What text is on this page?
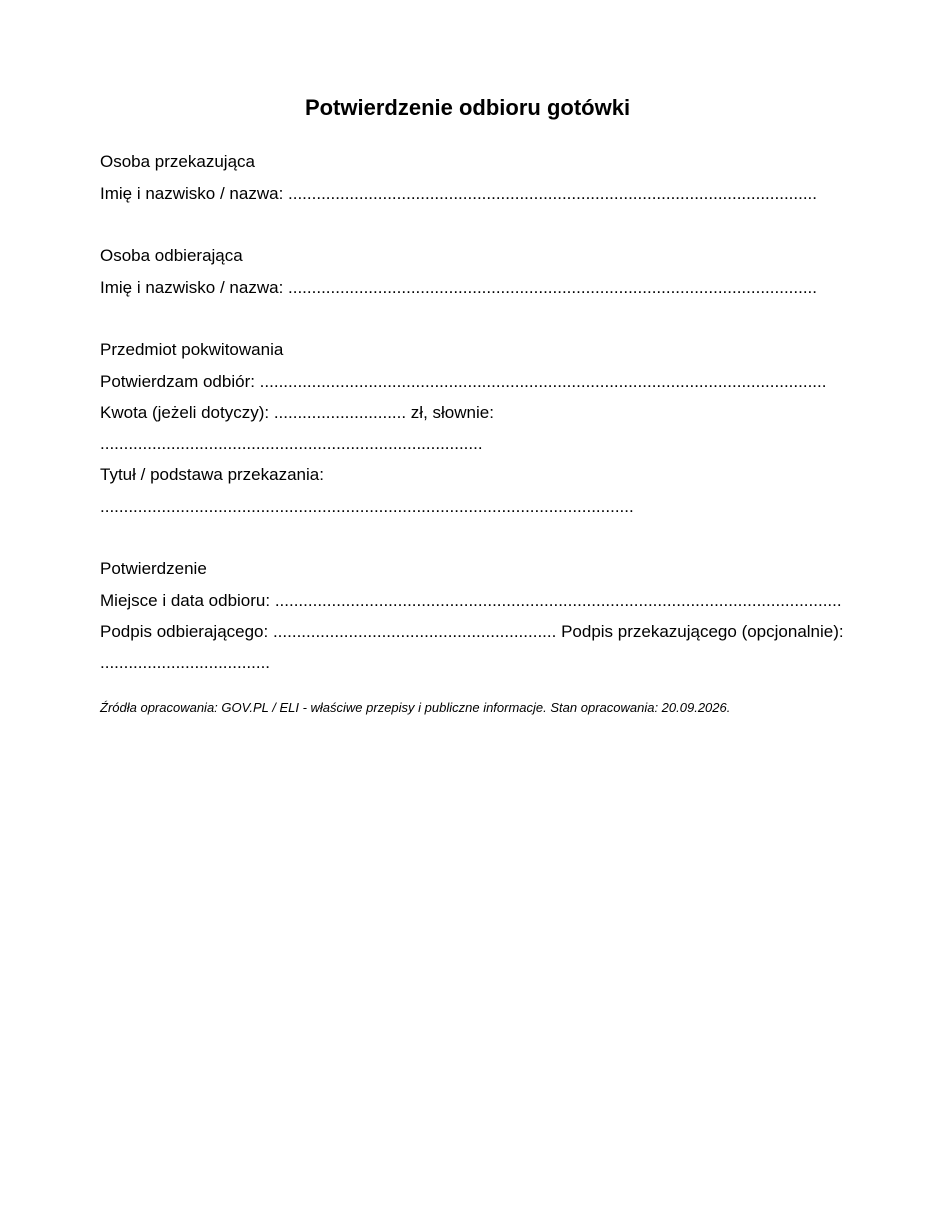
Potwierdzenie odbioru gotówki
Osoba przekazująca
Imię i nazwisko / nazwa: ................................................................................................................
Osoba odbierająca
Imię i nazwisko / nazwa: ................................................................................................................
Przedmiot pokwitowania
Potwierdzam odbiór: ........................................................................................................................
Kwota (jeżeli dotyczy): ............................ zł, słownie:
.................................................................................
Tytuł / podstawa przekazania:
.................................................................................................................
Potwierdzenie
Miejsce i data odbioru: ........................................................................................................................
Podpis odbierającego: ............................................................ Podpis przekazującego (opcjonalnie):
....................................
Źródła opracowania: GOV.PL / ELI - właściwe przepisy i publiczne informacje. Stan opracowania: 20.09.2026.
